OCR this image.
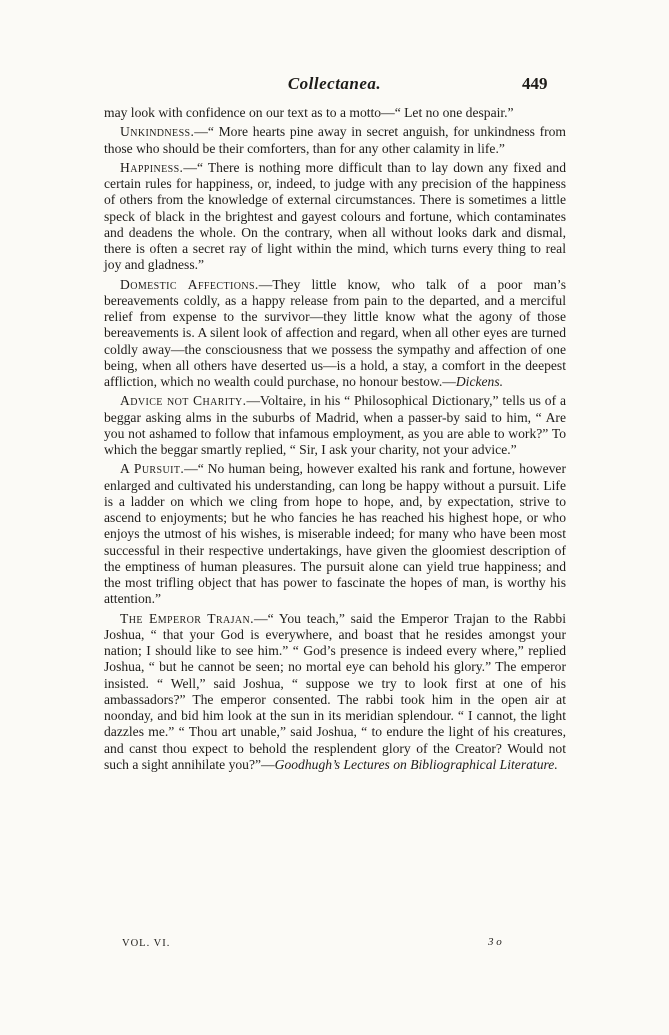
Collectanea.	449

may look with confidence on our text as to a motto—“ Let no one despair.”

Unkindness.—“ More hearts pine away in secret anguish, for unkindness from those who should be their comforters, than for any other calamity in life.”

Happiness.—“ There is nothing more difficult than to lay down any fixed and certain rules for happiness, or, indeed, to judge with any precision of the happiness of others from the knowledge of external circumstances. There is sometimes a little speck of black in the brightest and gayest colours and fortune, which contaminates and deadens the whole. On the contrary, when all without looks dark and dismal, there is often a secret ray of light within the mind, which turns every thing to real joy and gladness.”

Domestic Affections.—They little know, who talk of a poor man’s bereavements coldly, as a happy release from pain to the departed, and a merciful relief from expense to the survivor—they little know what the agony of those bereavements is. A silent look of affection and regard, when all other eyes are turned coldly away—the consciousness that we possess the sympathy and affection of one being, when all others have deserted us—is a hold, a stay, a comfort in the deepest affliction, which no wealth could purchase, no honour bestow.—Dickens.

Advice not Charity.—Voltaire, in his “ Philosophical Dictionary,” tells us of a beggar asking alms in the suburbs of Madrid, when a passer-by said to him, “ Are you not ashamed to follow that infamous employment, as you are able to work?” To which the beggar smartly replied, “ Sir, I ask your charity, not your advice.”

A Pursuit.—“ No human being, however exalted his rank and fortune, however enlarged and cultivated his understanding, can long be happy without a pursuit. Life is a ladder on which we cling from hope to hope, and, by expectation, strive to ascend to enjoyments; but he who fancies he has reached his highest hope, or who enjoys the utmost of his wishes, is miserable indeed; for many who have been most successful in their respective undertakings, have given the gloomiest description of the emptiness of human pleasures. The pursuit alone can yield true happiness; and the most trifling object that has power to fascinate the hopes of man, is worthy his attention.”

The Emperor Trajan.—“ You teach,” said the Emperor Trajan to the Rabbi Joshua, “ that your God is everywhere, and boast that he resides amongst your nation; I should like to see him.” “ God’s presence is indeed every where,” replied Joshua, “ but he cannot be seen; no mortal eye can behold his glory.” The emperor insisted. “ Well,” said Joshua, “ suppose we try to look first at one of his ambassadors?” The emperor consented. The rabbi took him in the open air at noonday, and bid him look at the sun in its meridian splendour. “ I cannot, the light dazzles me.” “ Thou art unable,” said Joshua, “ to endure the light of his creatures, and canst thou expect to behold the resplendent glory of the Creator? Would not such a sight annihilate you?”—Goodhugh’s Lectures on Bibliographical Literature.

VOL. VI.	3 o
